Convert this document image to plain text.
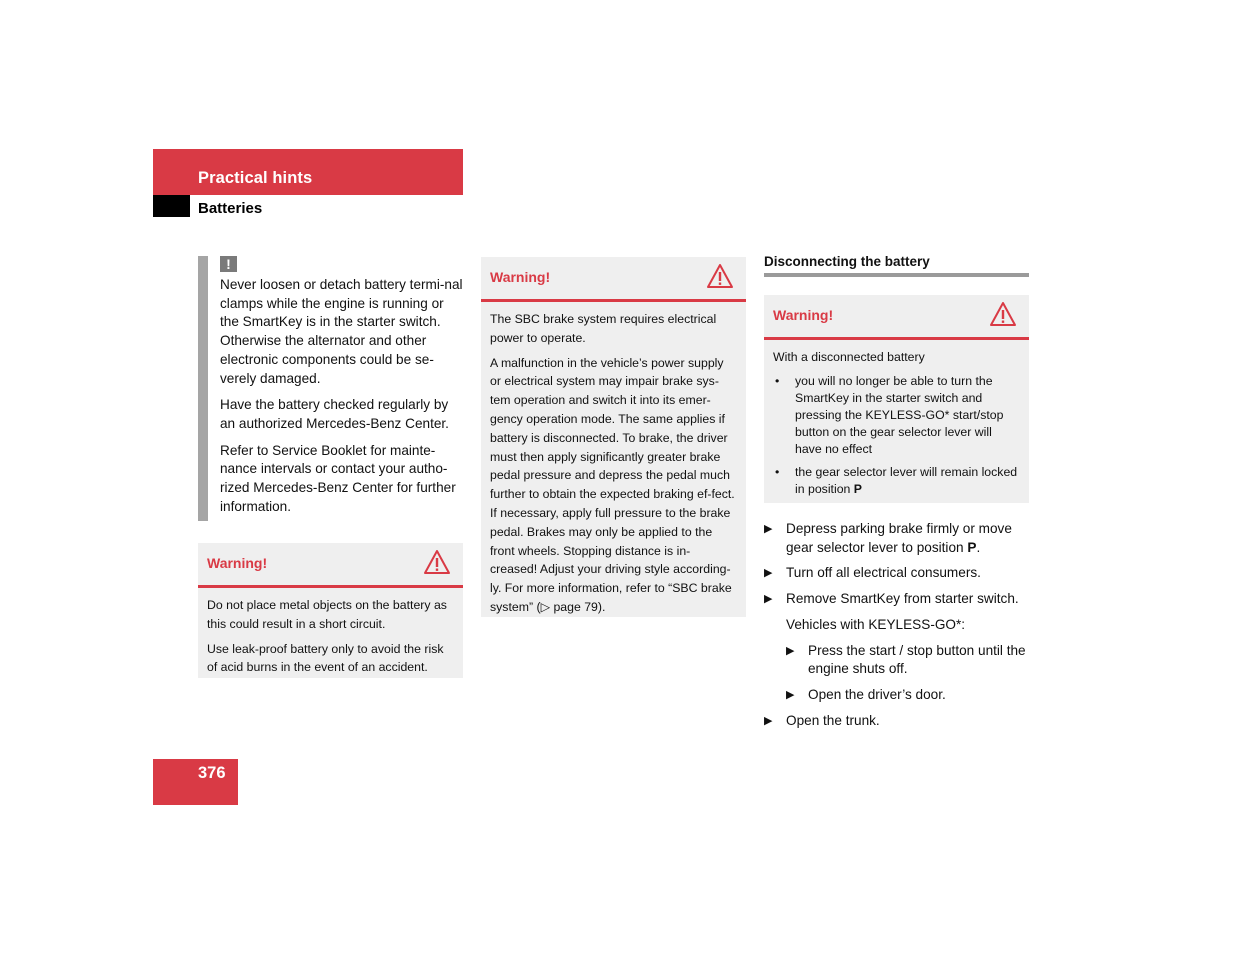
Practical hints
Batteries
!

Never loosen or detach battery termi-nal clamps while the engine is running or the SmartKey is in the starter switch. Otherwise the alternator and other electronic components could be se-verely damaged.

Have the battery checked regularly by an authorized Mercedes-Benz Center.

Refer to Service Booklet for mainte-nance intervals or contact your autho-rized Mercedes-Benz Center for further information.

Warning!

Do not place metal objects on the battery as this could result in a short circuit.

Use leak-proof battery only to avoid the risk of acid burns in the event of an accident.

Warning!

The SBC brake system requires electrical power to operate.

A malfunction in the vehicle’s power supply or electrical system may impair brake sys-tem operation and switch it into its emer-gency operation mode. The same applies if battery is disconnected. To brake, the driver must then apply significantly greater brake pedal pressure and depress the pedal much further to obtain the expected braking ef-fect. If necessary, apply full pressure to the brake pedal. Brakes may only be applied to the front wheels. Stopping distance is in-creased! Adjust your driving style according-ly. For more information, refer to “SBC brake system” (▷ page 79).

Disconnecting the battery
Warning!

With a disconnected battery

• you will no longer be able to turn the SmartKey in the starter switch and pressing the KEYLESS-GO* start/stop button on the gear selector lever will have no effect
• the gear selector lever will remain locked in position P
▶ Depress parking brake firmly or move gear selector lever to position P.
▶ Turn off all electrical consumers.
▶ Remove SmartKey from starter switch.
Vehicles with KEYLESS-GO*:
▶ Press the start / stop button until the engine shuts off.
▶ Open the driver’s door.
▶ Open the trunk.
376
